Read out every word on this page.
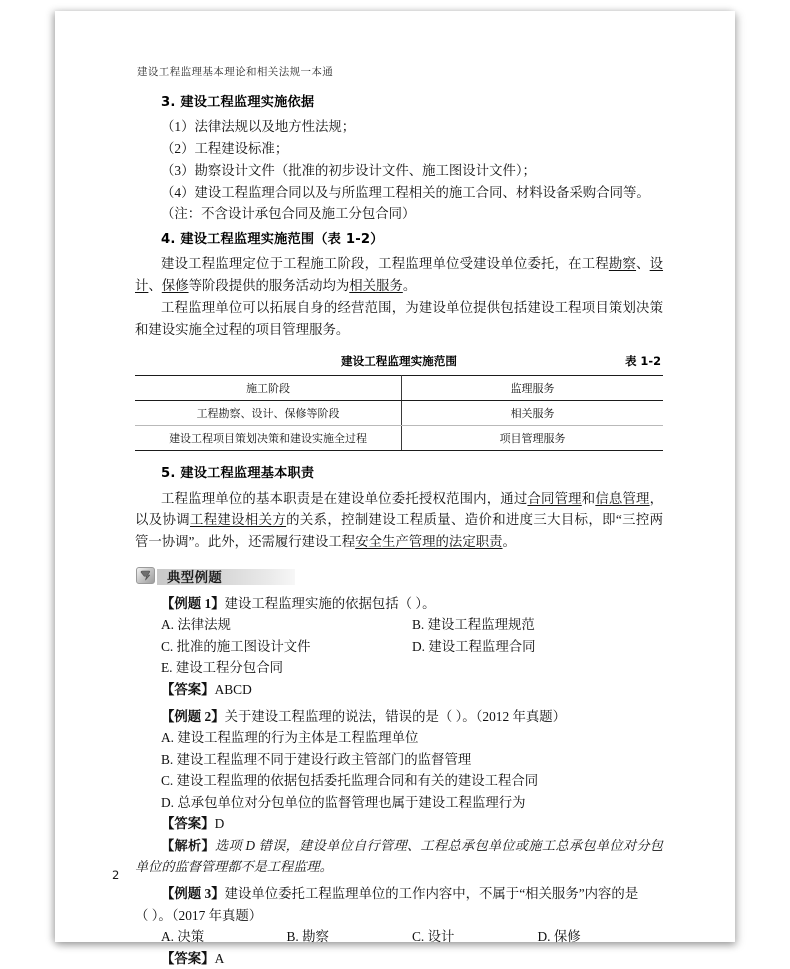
建设工程监理基本理论和相关法规一本通
3. 建设工程监理实施依据

（1）法律法规以及地方性法规；

（2）工程建设标准；

（3）勘察设计文件（批准的初步设计文件、施工图设计文件）；

（4）建设工程监理合同以及与所监理工程相关的施工合同、材料设备采购合同等。

（注：不含设计承包合同及施工分包合同）

4. 建设工程监理实施范围（表 1-2）

建设工程监理定位于工程施工阶段，工程监理单位受建设单位委托，在工程勘察、设计、保修等阶段提供的服务活动均为相关服务。

工程监理单位可以拓展自身的经营范围，为建设单位提供包括建设工程项目策划决策和建设实施全过程的项目管理服务。

建设工程监理实施范围	表 1-2
施工阶段	监理服务
工程勘察、设计、保修等阶段	相关服务
建设工程项目策划决策和建设实施全过程	项目管理服务
5. 建设工程监理基本职责

工程监理单位的基本职责是在建设单位委托授权范围内，通过合同管理和信息管理，以及协调工程建设相关方的关系，控制建设工程质量、造价和进度三大目标，即“三控两管一协调”。此外，还需履行建设工程安全生产管理的法定职责。

典型例题

【例题 1】建设工程监理实施的依据包括（ ）。

A. 法律法规	B. 建设工程监理规范
C. 批准的施工图设计文件	D. 建设工程监理合同
E. 建设工程分包合同

【答案】ABCD

【例题 2】关于建设工程监理的说法，错误的是（ ）。（2012 年真题）

A. 建设工程监理的行为主体是工程监理单位
B. 建设工程监理不同于建设行政主管部门的监督管理
C. 建设工程监理的依据包括委托监理合同和有关的建设工程合同
D. 总承包单位对分包单位的监督管理也属于建设工程监理行为

【答案】D

【解析】选项 D 错误，建设单位自行管理、工程总承包单位或施工总承包单位对分包单位的监督管理都不是工程监理。

【例题 3】建设单位委托工程监理单位的工作内容中，不属于“相关服务”内容的是

（ ）。（2017 年真题）

A. 决策	B. 勘察	C. 设计	D. 保修

【答案】A

2
